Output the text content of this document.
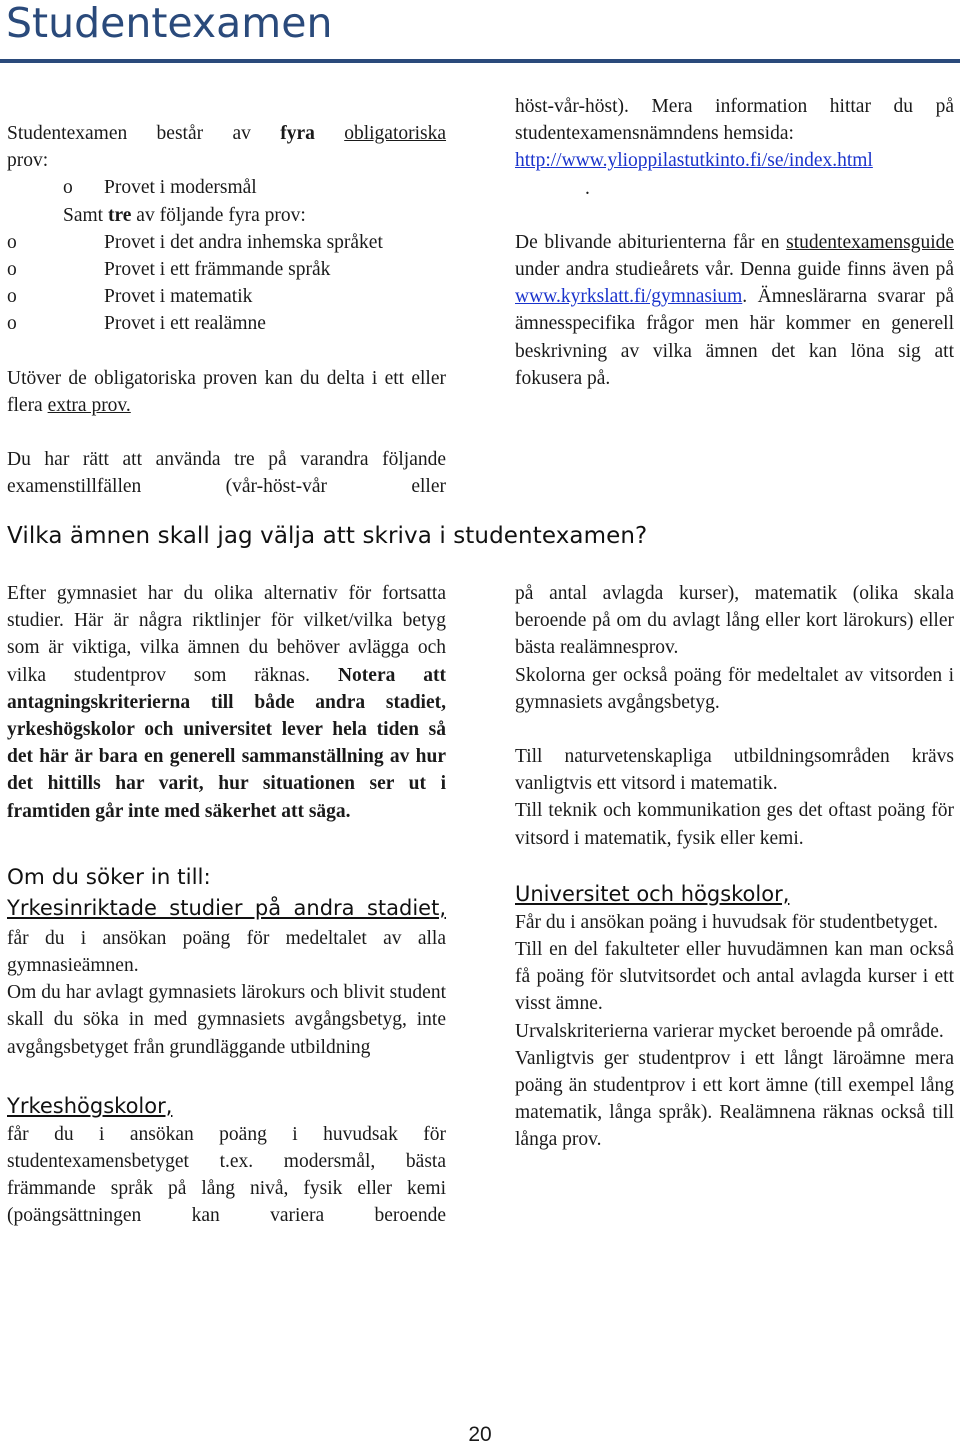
Studentexamen
Studentexamen består av fyra obligatoriska
prov:
o Provet i modersmål
Samt tre av följande fyra prov:
o	Provet i det andra inhemska språket
o	Provet i ett främmande språk
o	Provet i matematik
o	Provet i ett realämne
Utöver de obligatoriska proven kan du delta i ett eller flera extra prov.
Du har rätt att använda tre på varandra följande examenstillfällen (vår-höst-vår eller
höst-vår-höst). Mera information hittar du på studentexamensnämndens hemsida:
http://www.ylioppilastutkinto.fi/se/index.html
.
De blivande abiturienterna får en studentexamensguide under andra studieårets vår. Denna guide finns även på www.kyrkslatt.fi/gymnasium. Ämneslärarna svarar på ämnesspecifika frågor men här kommer en generell beskrivning av vilka ämnen det kan löna sig att fokusera på.
Vilka ämnen skall jag välja att skriva i studentexamen?
Efter gymnasiet har du olika alternativ för fortsatta studier. Här är några riktlinjer för vilket/vilka betyg som är viktiga, vilka ämnen du behöver avlägga och vilka studentprov som räknas. Notera att antagningskriterierna till både andra stadiet, yrkeshögskolor och universitet lever hela tiden så det här är bara en generell sammanställning av hur det hittills har varit, hur situationen ser ut i framtiden går inte med säkerhet att säga.
Om du söker in till:
Yrkesinriktade studier på andra stadiet,
får du i ansökan poäng för medeltalet av alla gymnasieämnen.
Om du har avlagt gymnasiets lärokurs och blivit student skall du söka in med gymnasiets avgångsbetyg, inte avgångsbetyget från grundläggande utbildning
Yrkeshögskolor,
får du i ansökan poäng i huvudsak för studentexamensbetyget t.ex. modersmål, bästa främmande språk på lång nivå, fysik eller kemi (poängsättningen kan variera beroende
på antal avlagda kurser), matematik (olika skala beroende på om du avlagt lång eller kort lärokurs) eller bästa realämnesprov.
Skolorna ger också poäng för medeltalet av vitsorden i gymnasiets avgångsbetyg.
Till naturvetenskapliga utbildningsområden krävs vanligtvis ett vitsord i matematik.
Till teknik och kommunikation ges det oftast poäng för vitsord i matematik, fysik eller kemi.
Universitet och högskolor,
Får du i ansökan poäng i huvudsak för studentbetyget.
Till en del fakulteter eller huvudämnen kan man också få poäng för slutvitsordet och antal avlagda kurser i ett visst ämne.
Urvalskriterierna varierar mycket beroende på område.
Vanligtvis ger studentprov i ett långt läroämne mera poäng än studentprov i ett kort ämne (till exempel lång matematik, långa språk). Realämnena räknas också till långa prov.
20
